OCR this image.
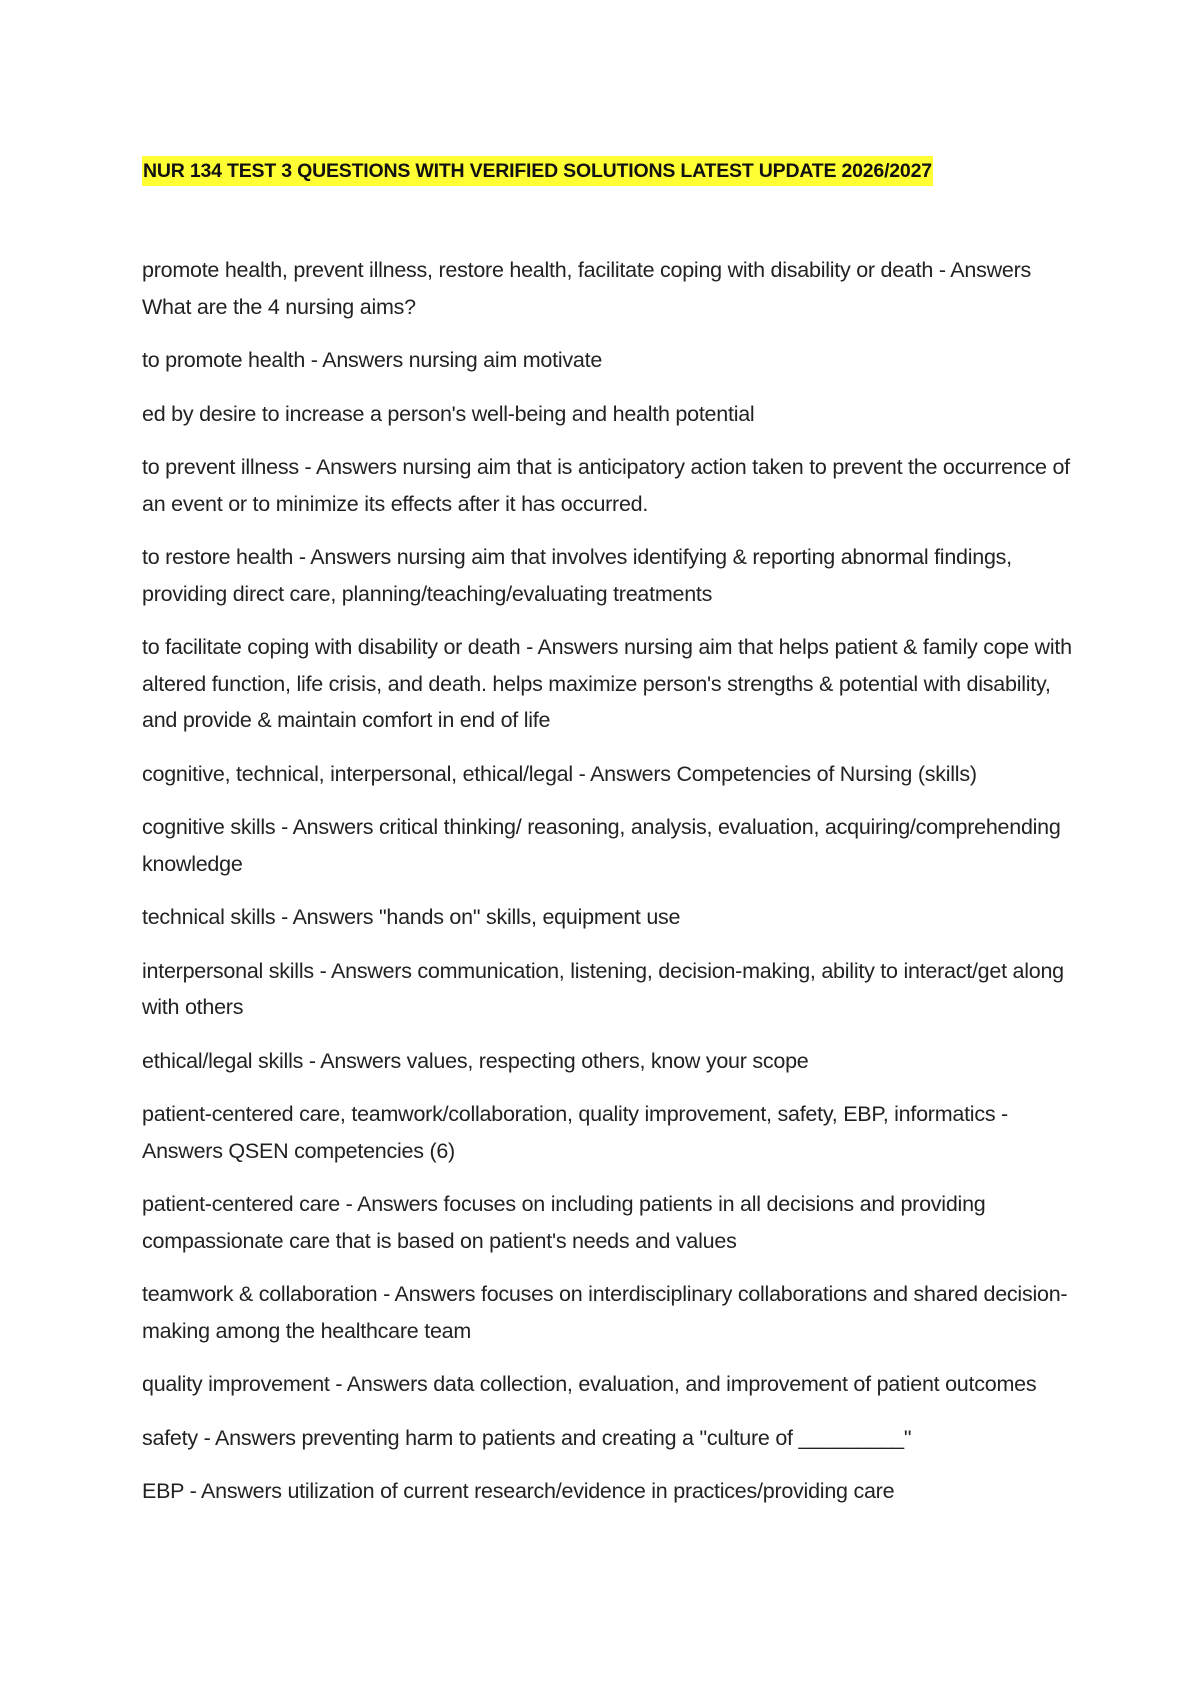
NUR 134 TEST 3 QUESTIONS WITH VERIFIED SOLUTIONS LATEST UPDATE 2026/2027

promote health, prevent illness, restore health, facilitate coping with disability or death - Answers What are the 4 nursing aims?

to promote health - Answers nursing aim motivate

ed by desire to increase a person's well-being and health potential

to prevent illness - Answers nursing aim that is anticipatory action taken to prevent the occurrence of an event or to minimize its effects after it has occurred.

to restore health - Answers nursing aim that involves identifying & reporting abnormal findings, providing direct care, planning/teaching/evaluating treatments

to facilitate coping with disability or death - Answers nursing aim that helps patient & family cope with altered function, life crisis, and death. helps maximize person's strengths & potential with disability, and provide & maintain comfort in end of life

cognitive, technical, interpersonal, ethical/legal - Answers Competencies of Nursing (skills)

cognitive skills - Answers critical thinking/ reasoning, analysis, evaluation, acquiring/comprehending knowledge

technical skills - Answers "hands on" skills, equipment use

interpersonal skills - Answers communication, listening, decision-making, ability to interact/get along with others

ethical/legal skills - Answers values, respecting others, know your scope

patient-centered care, teamwork/collaboration, quality improvement, safety, EBP, informatics - Answers QSEN competencies (6)

patient-centered care - Answers focuses on including patients in all decisions and providing compassionate care that is based on patient's needs and values

teamwork & collaboration - Answers focuses on interdisciplinary collaborations and shared decision-making among the healthcare team

quality improvement - Answers data collection, evaluation, and improvement of patient outcomes

safety - Answers preventing harm to patients and creating a "culture of _________"

EBP - Answers utilization of current research/evidence in practices/providing care
